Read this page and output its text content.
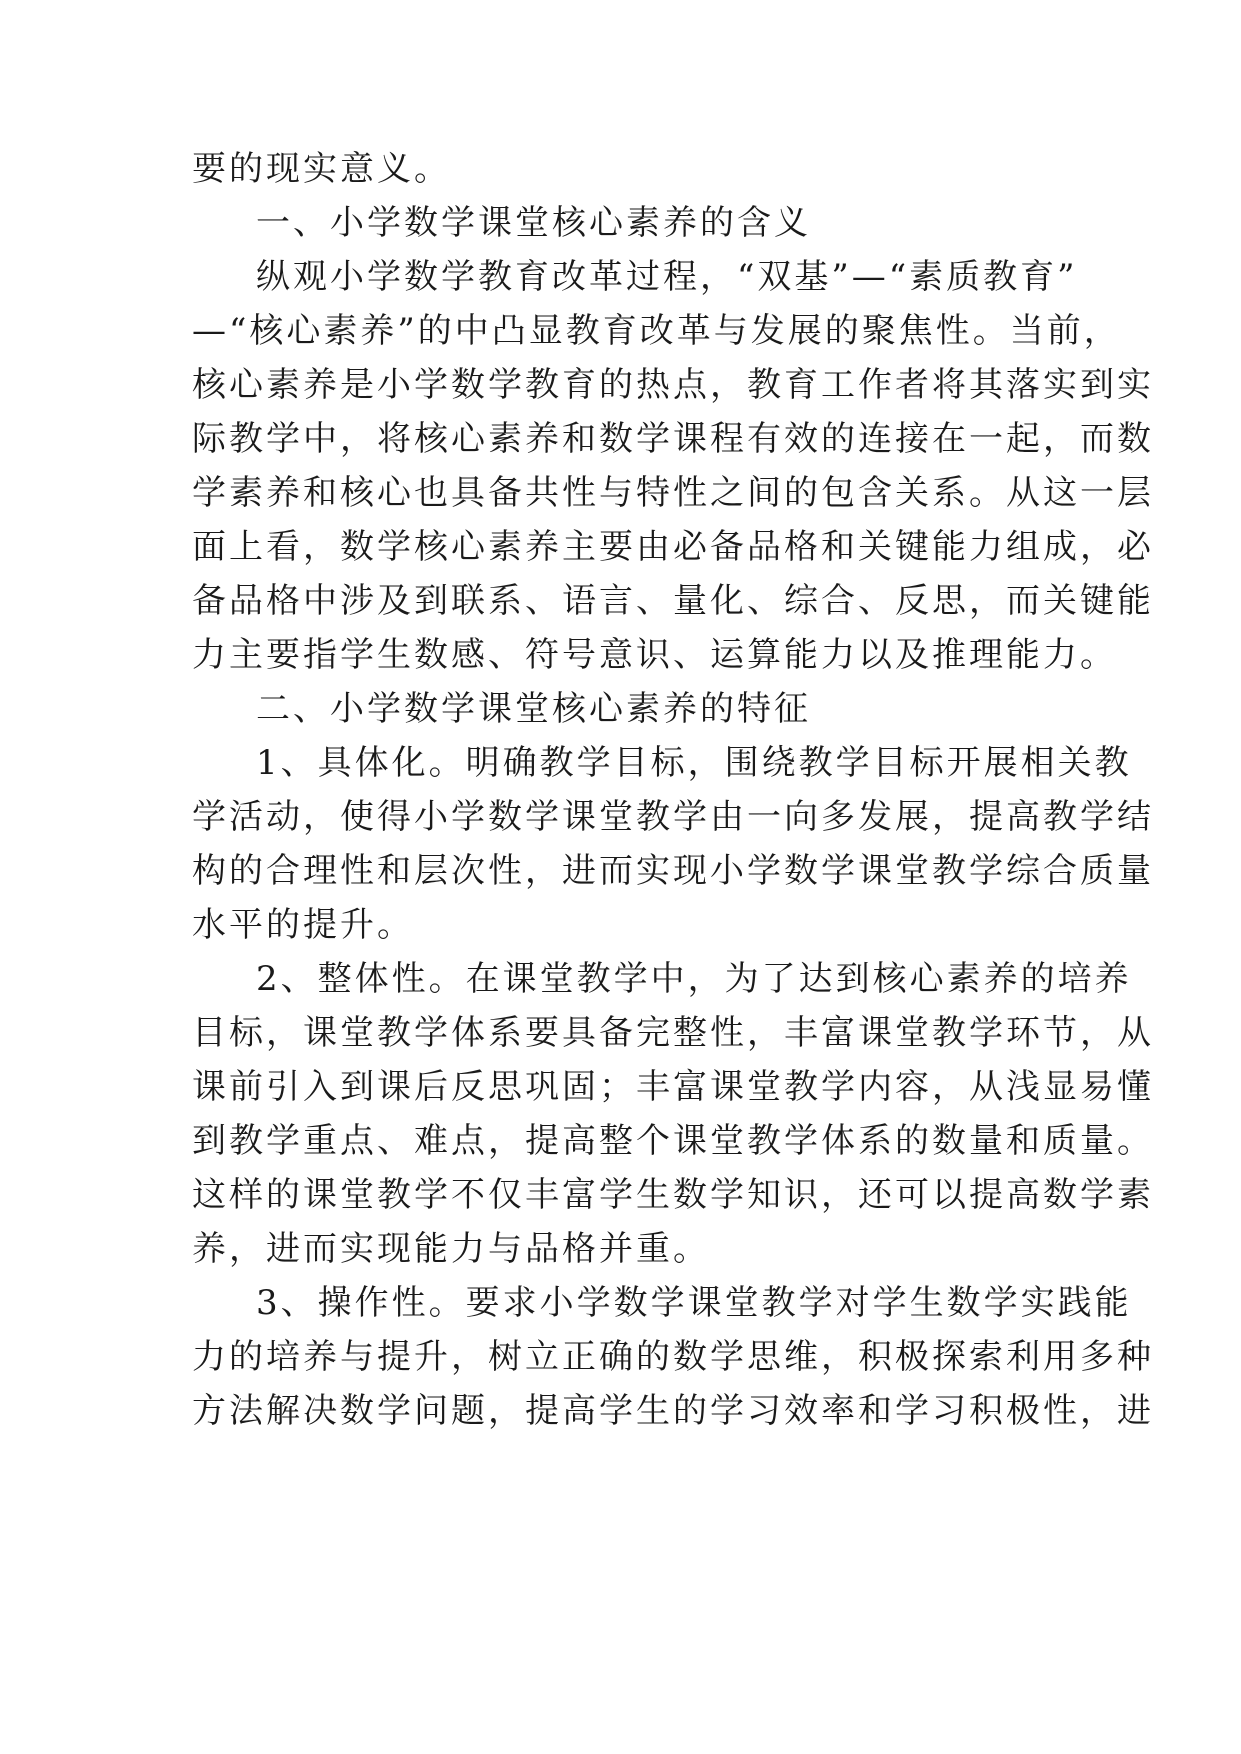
要的现实意义。
一、小学数学课堂核心素养的含义
纵观小学数学教育改革过程，“双基”—“素质教育”
—“核心素养”的中凸显教育改革与发展的聚焦性。当前，
核心素养是小学数学教育的热点，教育工作者将其落实到实
际教学中，将核心素养和数学课程有效的连接在一起，而数
学素养和核心也具备共性与特性之间的包含关系。从这一层
面上看，数学核心素养主要由必备品格和关键能力组成，必
备品格中涉及到联系、语言、量化、综合、反思，而关键能
力主要指学生数感、符号意识、运算能力以及推理能力。
二、小学数学课堂核心素养的特征
1、具体化。明确教学目标，围绕教学目标开展相关教
学活动，使得小学数学课堂教学由一向多发展，提高教学结
构的合理性和层次性，进而实现小学数学课堂教学综合质量
水平的提升。
2、整体性。在课堂教学中，为了达到核心素养的培养
目标，课堂教学体系要具备完整性，丰富课堂教学环节，从
课前引入到课后反思巩固；丰富课堂教学内容，从浅显易懂
到教学重点、难点，提高整个课堂教学体系的数量和质量。
这样的课堂教学不仅丰富学生数学知识，还可以提高数学素
养，进而实现能力与品格并重。
3、操作性。要求小学数学课堂教学对学生数学实践能
力的培养与提升，树立正确的数学思维，积极探索利用多种
方法解决数学问题，提高学生的学习效率和学习积极性，进
